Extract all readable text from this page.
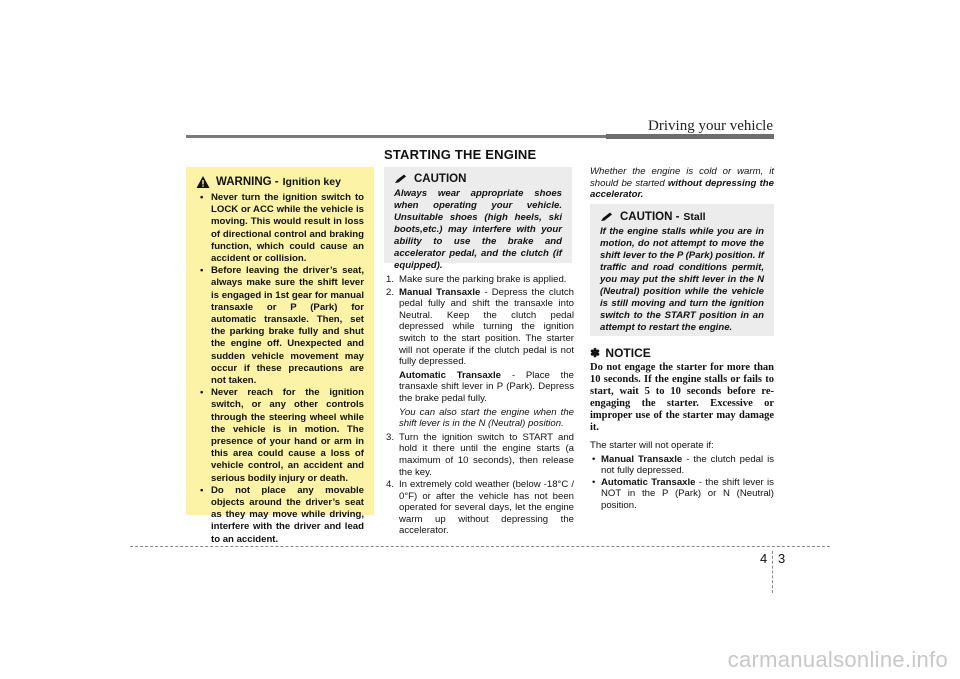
Driving your vehicle
STARTING THE ENGINE
WARNING - Ignition key
• Never turn the ignition switch to LOCK or ACC while the vehicle is moving. This would result in loss of directional control and braking function, which could cause an accident or collision.
• Before leaving the driver’s seat, always make sure the shift lever is engaged in 1st gear for manual transaxle or P (Park) for automatic transaxle. Then, set the parking brake fully and shut the engine off. Unexpected and sudden vehicle movement may occur if these precautions are not taken.
• Never reach for the ignition switch, or any other controls through the steering wheel while the vehicle is in motion. The presence of your hand or arm in this area could cause a loss of vehicle control, an accident and serious bodily injury or death.
• Do not place any movable objects around the driver’s seat as they may move while driving, interfere with the driver and lead to an accident.
CAUTION
Always wear appropriate shoes when operating your vehicle. Unsuitable shoes (high heels, ski boots,etc.) may interfere with your ability to use the brake and accelerator pedal, and the clutch (if equipped).
1. Make sure the parking brake is applied.
2. Manual Transaxle - Depress the clutch pedal fully and shift the transaxle into Neutral. Keep the clutch pedal depressed while turning the ignition switch to the start position. The starter will not operate if the clutch pedal is not fully depressed.

Automatic Transaxle - Place the transaxle shift lever in P (Park). Depress the brake pedal fully.

You can also start the engine when the shift lever is in the N (Neutral) position.

3. Turn the ignition switch to START and hold it there until the engine starts (a maximum of 10 seconds), then release the key.
4. In extremely cold weather (below -18°C / 0°F) or after the vehicle has not been operated for several days, let the engine warm up without depressing the accelerator.
Whether the engine is cold or warm, it should be started without depressing the accelerator.
CAUTION - Stall
If the engine stalls while you are in motion, do not attempt to move the shift lever to the P (Park) position. If traffic and road conditions permit, you may put the shift lever in the N (Neutral) position while the vehicle is still moving and turn the ignition switch to the START position in an attempt to restart the engine.
✽ NOTICE
Do not engage the starter for more than 10 seconds. If the engine stalls or fails to start, wait 5 to 10 seconds before re-engaging the starter. Excessive or improper use of the starter may damage it.

The starter will not operate if:

• Manual Transaxle - the clutch pedal is not fully depressed.
• Automatic Transaxle - the shift lever is NOT in the P (Park) or N (Neutral) position.
4 3
carmanualsonline.info
